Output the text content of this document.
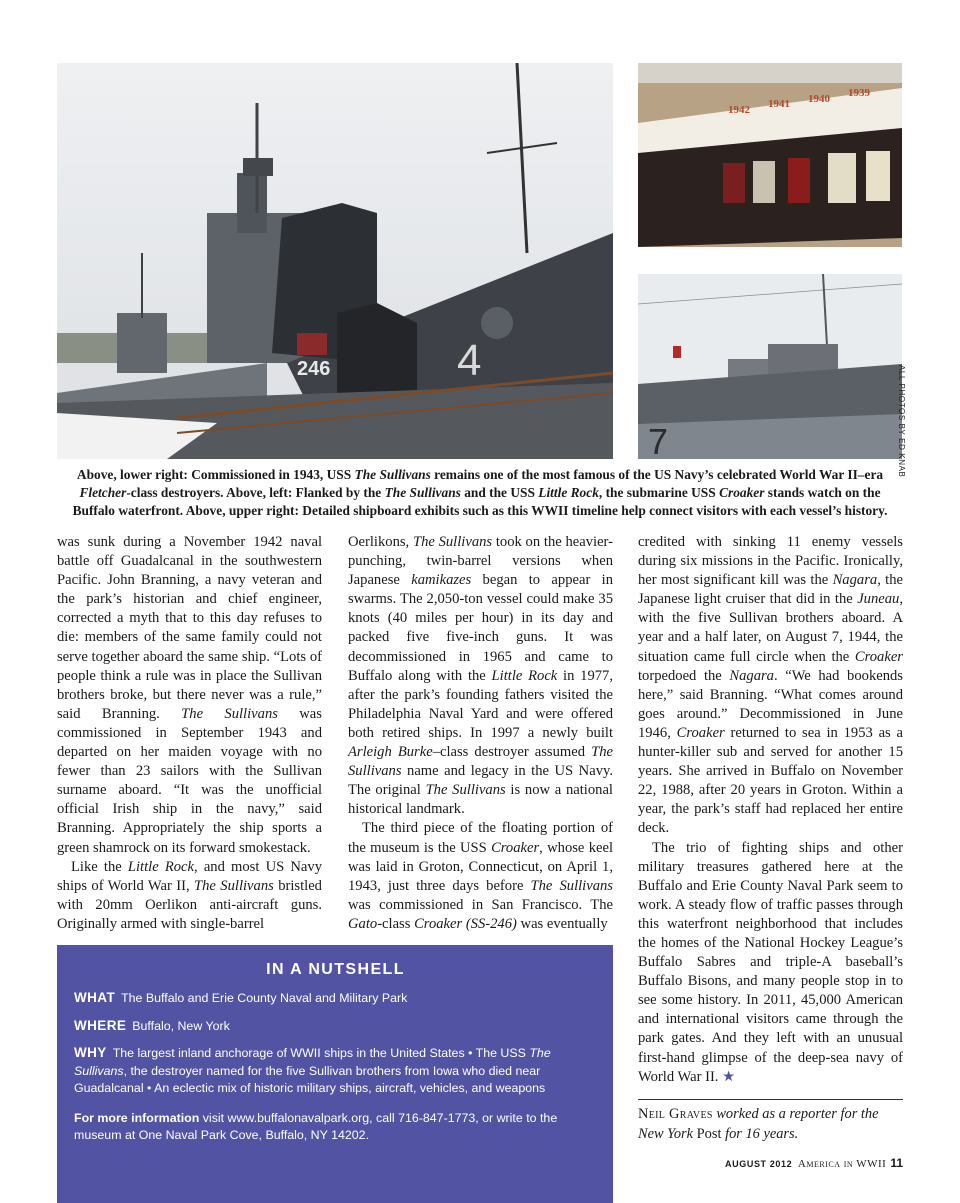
246	4
1942 1941 1940 1939
7	ALL PHOTOS BY ED KNAB
Above, lower right: Commissioned in 1943, USS The Sullivans remains one of the most famous of the US Navy’s celebrated World War II–era Fletcher-class destroyers. Above, left: Flanked by the The Sullivans and the USS Little Rock, the submarine USS Croaker stands watch on the Buffalo waterfront. Above, upper right: Detailed shipboard exhibits such as this WWII timeline help connect visitors with each vessel’s history.

was sunk during a November 1942 naval battle off Guadalcanal in the southwestern Pacific. John Branning, a navy veteran and the park’s historian and chief engineer, corrected a myth that to this day refuses to die: members of the same family could not serve together aboard the same ship. “Lots of people think a rule was in place the Sullivan brothers broke, but there never was a rule,” said Branning. The Sullivans was commissioned in September 1943 and departed on her maiden voyage with no fewer than 23 sailors with the Sullivan surname aboard. “It was the unofficial official Irish ship in the navy,” said Branning. Appropriately the ship sports a green shamrock on its forward smokestack.

Like the Little Rock, and most US Navy ships of World War II, The Sullivans bristled with 20mm Oerlikon anti-aircraft guns. Originally armed with single-barrel

Oerlikons, The Sullivans took on the heavier-punching, twin-barrel versions when Japanese kamikazes began to appear in swarms. The 2,050-ton vessel could make 35 knots (40 miles per hour) in its day and packed five five-inch guns. It was decommissioned in 1965 and came to Buffalo along with the Little Rock in 1977, after the park’s founding fathers visited the Philadelphia Naval Yard and were offered both retired ships. In 1997 a newly built Arleigh Burke–class destroyer assumed The Sullivans name and legacy in the US Navy. The original The Sullivans is now a national historical landmark.

The third piece of the floating portion of the museum is the USS Croaker, whose keel was laid in Groton, Connecticut, on April 1, 1943, just three days before The Sullivans was commissioned in San Francisco. The Gato-class Croaker (SS-246) was eventually

credited with sinking 11 enemy vessels during six missions in the Pacific. Ironically, her most significant kill was the Nagara, the Japanese light cruiser that did in the Juneau, with the five Sullivan brothers aboard. A year and a half later, on August 7, 1944, the situation came full circle when the Croaker torpedoed the Nagara. “We had bookends here,” said Branning. “What comes around goes around.” Decommissioned in June 1946, Croaker returned to sea in 1953 as a hunter-killer sub and served for another 15 years. She arrived in Buffalo on November 22, 1988, after 20 years in Groton. Within a year, the park’s staff had replaced her entire deck.

The trio of fighting ships and other military treasures gathered here at the Buffalo and Erie County Naval Park seem to work. A steady flow of traffic passes through this waterfront neighborhood that includes the homes of the National Hockey League’s Buffalo Sabres and triple-A baseball’s Buffalo Bisons, and many people stop in to see some history. In 2011, 45,000 American and international visitors came through the park gates. And they left with an unusual first-hand glimpse of the deep-sea navy of World War II. ★

IN A NUTSHELL
WHAT The Buffalo and Erie County Naval and Military Park
WHERE Buffalo, New York
WHY The largest inland anchorage of WWII ships in the United States • The USS The Sullivans, the destroyer named for the five Sullivan brothers from Iowa who died near Guadalcanal • An eclectic mix of historic military ships, aircraft, vehicles, and weapons
For more information visit www.buffalonavalpark.org, call 716-847-1773, or write to the museum at One Naval Park Cove, Buffalo, NY 14202.
Neil Graves worked as a reporter for the New York Post for 16 years.
AUGUST 2012 America in WWII 11
